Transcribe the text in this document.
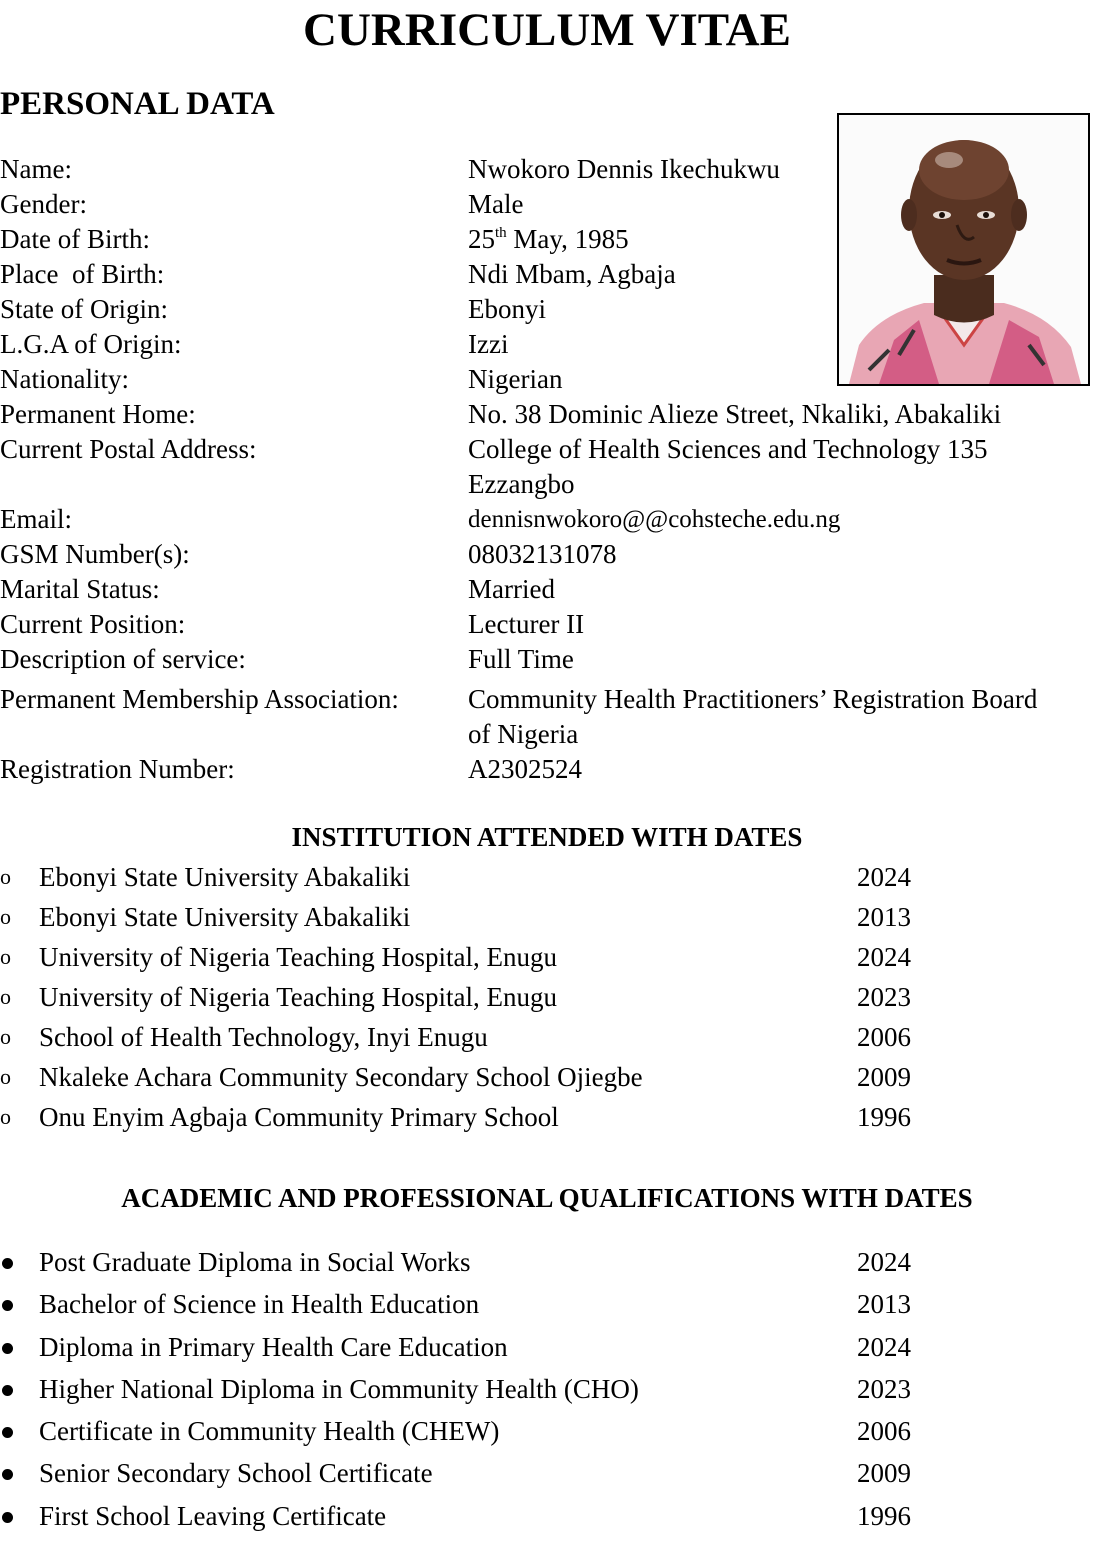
CURRICULUM VITAE
PERSONAL DATA
Name:	Nwokoro Dennis Ikechukwu
Gender:	Male
Date of Birth:	25th May, 1985
Place  of Birth:	Ndi Mbam, Agbaja
State of Origin:	Ebonyi
L.G.A of Origin:	Izzi
Nationality:	Nigerian
Permanent Home:	No. 38 Dominic Alieze Street, Nkaliki, Abakaliki
Current Postal Address:	College of Health Sciences and Technology 135 Ezzangbo
Email:	dennisnwokoro@@cohsteche.edu.ng
GSM Number(s):	08032131078
Marital Status:	Married
Current Position:	Lecturer II
Description of service:	Full Time
Permanent Membership Association:	Community Health Practitioners’ Registration Board   of Nigeria
Registration Number:	A2302524
INSTITUTION ATTENDED WITH DATES
o	Ebonyi State University Abakaliki	2024
o	Ebonyi State University Abakaliki	2013
o	University of Nigeria Teaching Hospital, Enugu	2024
o	University of Nigeria Teaching Hospital, Enugu	2023
o	School of Health Technology, Inyi Enugu	2006
o	Nkaleke Achara Community Secondary School Ojiegbe	2009
o	Onu Enyim Agbaja Community Primary School	1996
ACADEMIC AND PROFESSIONAL QUALIFICATIONS WITH DATES
Post Graduate Diploma in Social Works	2024
Bachelor of Science in Health Education	2013
Diploma in Primary Health Care Education	2024
Higher National Diploma in Community Health (CHO)	2023
Certificate in Community Health (CHEW)	2006
Senior Secondary School Certificate	2009
First School Leaving Certificate	1996
